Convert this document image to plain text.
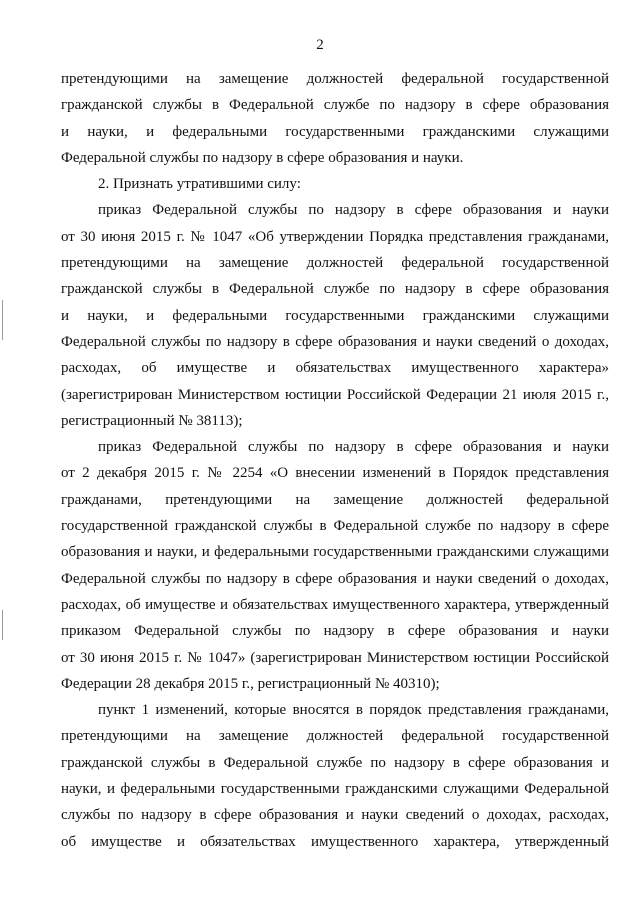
2
претендующими на замещение должностей федеральной государственной
гражданской службы в Федеральной службе по надзору в сфере образования
и науки, и федеральными государственными гражданскими служащими
Федеральной службы по надзору в сфере образования и науки.
2. Признать утратившими силу:
приказ Федеральной службы по надзору в сфере образования и науки
от 30 июня 2015 г. № 1047 «Об утверждении Порядка представления гражданами,
претендующими на замещение должностей федеральной государственной
гражданской службы в Федеральной службе по надзору в сфере образования
и науки, и федеральными государственными гражданскими служащими
Федеральной службы по надзору в сфере образования и науки сведений о доходах,
расходах, об имуществе и обязательствах имущественного характера»
(зарегистрирован Министерством юстиции Российской Федерации 21 июля 2015 г.,
регистрационный № 38113);
приказ Федеральной службы по надзору в сфере образования и науки
от 2 декабря 2015 г. № 2254 «О внесении изменений в Порядок представления
гражданами, претендующими на замещение должностей федеральной
государственной гражданской службы в Федеральной службе по надзору в сфере
образования и науки, и федеральными государственными гражданскими служащими
Федеральной службы по надзору в сфере образования и науки сведений о доходах,
расходах, об имуществе и обязательствах имущественного характера, утвержденный
приказом Федеральной службы по надзору в сфере образования и науки
от 30 июня 2015 г. № 1047» (зарегистрирован Министерством юстиции Российской
Федерации 28 декабря 2015 г., регистрационный № 40310);
пункт 1 изменений, которые вносятся в порядок представления гражданами,
претендующими на замещение должностей федеральной государственной
гражданской службы в Федеральной службе по надзору в сфере образования и
науки, и федеральными государственными гражданскими служащими Федеральной
службы по надзору в сфере образования и науки сведений о доходах, расходах,
об имуществе и обязательствах имущественного характера, утвержденный
